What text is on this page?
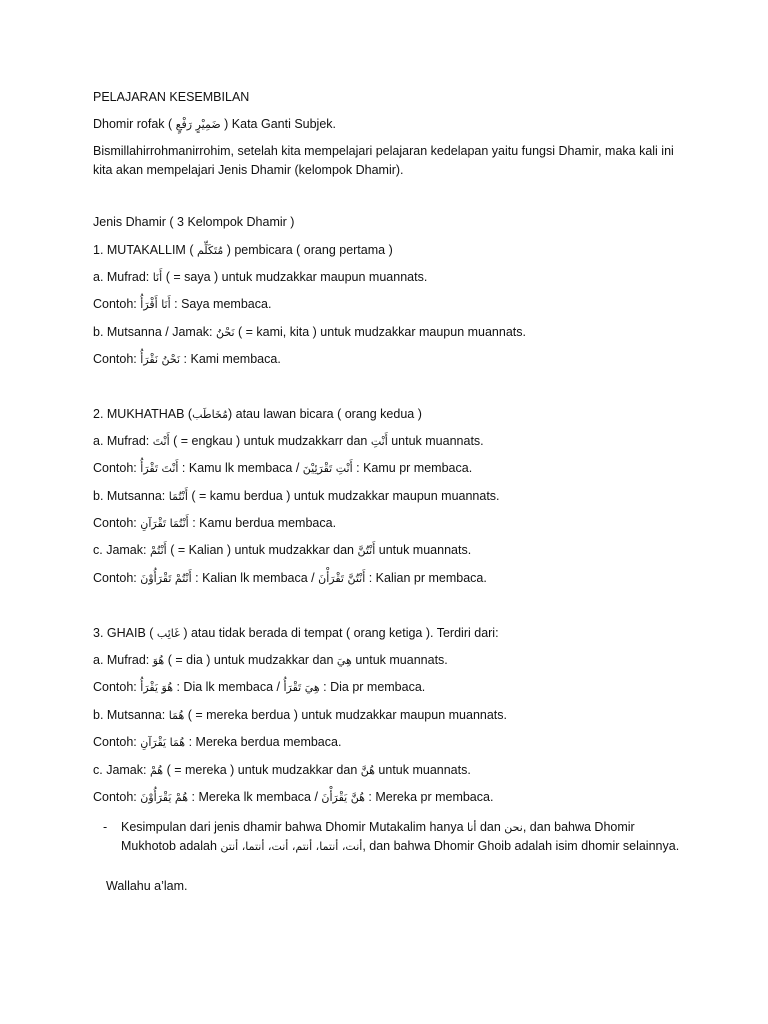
PELAJARAN KESEMBILAN
Dhomir rofak ( ضَمِيْرٍ رَفْعٍ ) Kata Ganti Subjek.
Bismillahirrohmanirrohim, setelah kita mempelajari pelajaran kedelapan yaitu fungsi Dhamir, maka kali ini kita akan mempelajari Jenis Dhamir (kelompok Dhamir).
Jenis Dhamir ( 3 Kelompok Dhamir )
1. MUTAKALLIM ( مُتَكَلِّم ) pembicara ( orang pertama )
a. Mufrad: أَنَا ( = saya ) untuk mudzakkar maupun muannats.
Contoh: أَنَا أَقْرَأُ : Saya membaca.
b. Mutsanna / Jamak: نَحْنُ ( = kami, kita ) untuk mudzakkar maupun muannats.
Contoh: نَحْنُ نَقْرَأُ : Kami membaca.
2. MUKHATHAB (مُخَاطَب) atau lawan bicara ( orang kedua )
a. Mufrad: أَنْتَ ( = engkau ) untuk mudzakkarr dan أَنْتِ untuk muannats.
Contoh: أَنْتَ تَقْرَأُ : Kamu lk membaca / أَنْتِ تَقْرَئِيْنَ : Kamu pr membaca.
b. Mutsanna: أَنْتُمَا ( = kamu berdua ) untuk mudzakkar maupun muannats.
Contoh: أَنْتُمَا تَقْرَآنِ : Kamu berdua membaca.
c. Jamak: أَنْتُمْ ( = Kalian ) untuk mudzakkar dan أَنْتُنَّ untuk muannats.
Contoh: أَنْتُمْ تَقْرَأُوْنَ : Kalian lk membaca / أَنْتُنَّ تَقْرَأْنَ : Kalian pr membaca.
3. GHAIB ( غَائِب ) atau tidak berada di tempat ( orang ketiga ). Terdiri dari:
a. Mufrad: هُوَ ( = dia ) untuk mudzakkar dan هِيَ untuk muannats.
Contoh: هُوَ يَقْرَأُ : Dia lk membaca / هِيَ تَقْرَأُ : Dia pr membaca.
b. Mutsanna: هُمَا ( = mereka berdua ) untuk mudzakkar maupun muannats.
Contoh: هُمَا يَقْرَآنِ : Mereka berdua membaca.
c. Jamak: هُمْ ( = mereka ) untuk mudzakkar dan هُنَّ untuk muannats.
Contoh: هُمْ يَقْرَأُوْنَ : Mereka lk membaca / هُنَّ يَقْرَأْنَ : Mereka pr membaca.
- Kesimpulan dari jenis dhamir bahwa Dhomir Mutakalim hanya أنا dan نحن, dan bahwa Dhomir Mukhotob adalah أنت، أنتما، أنتم، أنت، أنتما، أنتن, dan bahwa Dhomir Ghoib adalah isim dhomir selainnya.
Wallahu a’lam.
